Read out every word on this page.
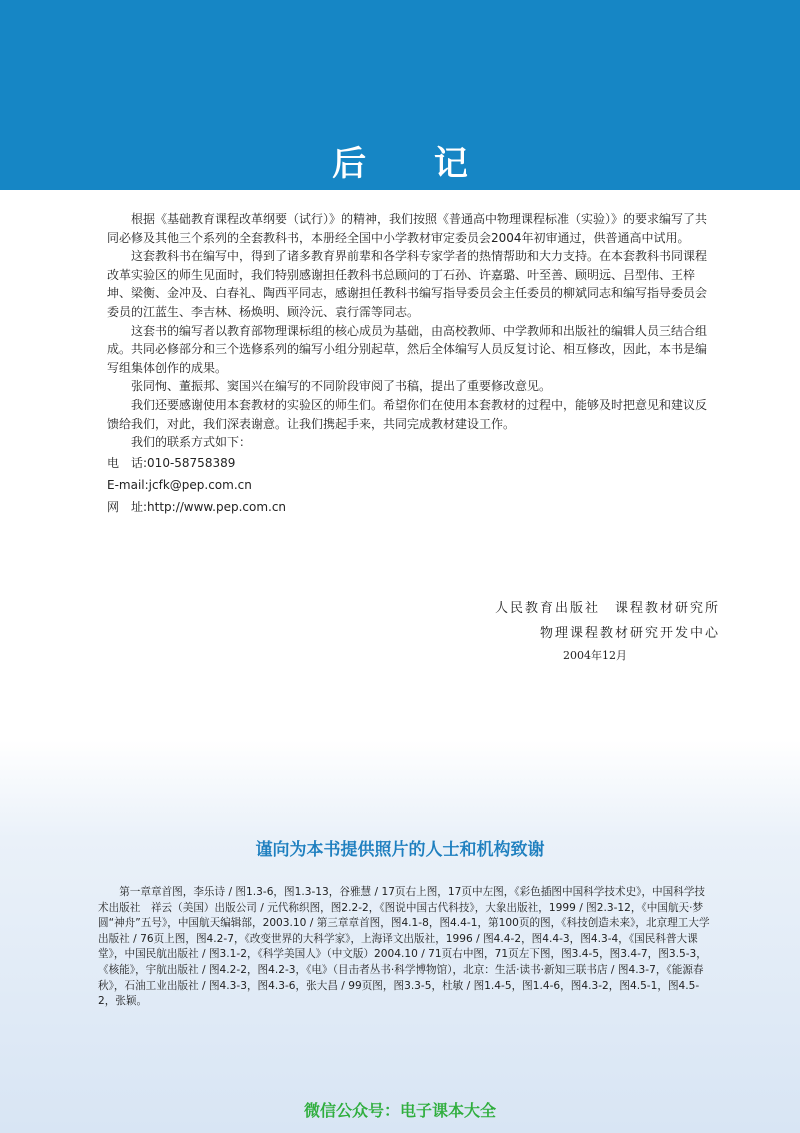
后 记

根据《基础教育课程改革纲要（试行）》的精神，我们按照《普通高中物理课程标准（实验）》的要求编写了共同必修及其他三个系列的全套教科书，本册经全国中小学教材审定委员会2004年初审通过，供普通高中试用。

这套教科书在编写中，得到了诸多教育界前辈和各学科专家学者的热情帮助和大力支持。在本套教科书同课程改革实验区的师生见面时，我们特别感谢担任教科书总顾问的丁石孙、许嘉璐、叶至善、顾明远、吕型伟、王梓坤、梁衡、金冲及、白春礼、陶西平同志，感谢担任教科书编写指导委员会主任委员的柳斌同志和编写指导委员会委员的江蓝生、李吉林、杨焕明、顾泠沅、袁行霈等同志。

这套书的编写者以教育部物理课标组的核心成员为基础，由高校教师、中学教师和出版社的编辑人员三结合组成。共同必修部分和三个选修系列的编写小组分别起草，然后全体编写人员反复讨论、相互修改，因此，本书是编写组集体创作的成果。

张同恂、董振邦、窦国兴在编写的不同阶段审阅了书稿，提出了重要修改意见。

我们还要感谢使用本套教材的实验区的师生们。希望你们在使用本套教材的过程中，能够及时把意见和建议反馈给我们，对此，我们深表谢意。让我们携起手来，共同完成教材建设工作。

我们的联系方式如下：

电　话:010-58758389
E-mail:jcfk@pep.com.cn
网　址:http://www.pep.com.cn
人民教育出版社　课程教材研究所
物理课程教材研究开发中心
2004年12月
谨向为本书提供照片的人士和机构致谢
第一章章首图，李乐诗 / 图1.3-6，图1.3-13，谷雅慧 / 17页右上图，17页中左图，《彩色插图中国科学技术史》，中国科学技术出版社　祥云（美国）出版公司 / 元代称织图，图2.2-2，《图说中国古代科技》，大象出版社，1999 / 图2.3-12，《中国航天·梦圆“神舟”五号》，中国航天编辑部，2003.10 / 第三章章首图，图4.1-8，图4.4-1，第100页的图，《科技创造未来》，北京理工大学出版社 / 76页上图，图4.2-7，《改变世界的大科学家》，上海译文出版社，1996 / 图4.4-2，图4.4-3，图4.3-4，《国民科普大课堂》，中国民航出版社 / 图3.1-2，《科学美国人》（中文版）2004.10 / 71页右中图，71页左下图，图3.4-5，图3.4-7，图3.5-3，《核能》，宇航出版社 / 图4.2-2，图4.2-3，《电》（目击者丛书·科学博物馆），北京：生活·读书·新知三联书店 / 图4.3-7，《能源春秋》，石油工业出版社 / 图4.3-3，图4.3-6，张大昌 / 99页图，图3.3-5，杜敏 / 图1.4-5，图1.4-6，图4.3-2，图4.5-1，图4.5-2，张颖。
微信公众号：电子课本大全
